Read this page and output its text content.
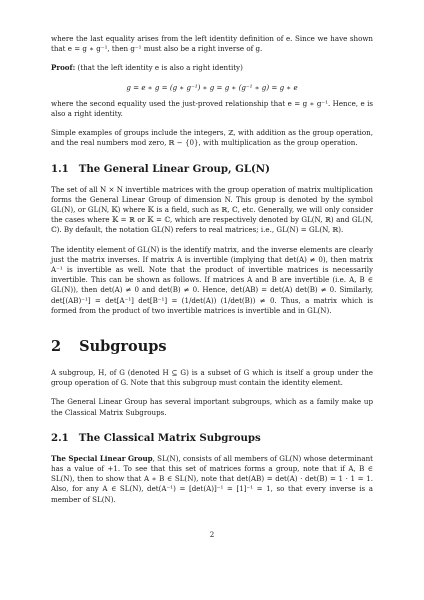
where the last equality arises from the left identity definition of e. Since we have shown that e = g ∗ g⁻¹, then g⁻¹ must also be a right inverse of g.

Proof: (that the left identity e is also a right identity)

g = e ∗ g = (g ∗ g⁻¹) ∗ g = g ∗ (g⁻¹ ∗ g) = g ∗ e

where the second equality used the just-proved relationship that e = g ∗ g⁻¹. Hence, e is also a right identity.

Simple examples of groups include the integers, ℤ, with addition as the group operation, and the real numbers mod zero, ℝ − {0}, with multiplication as the group operation.

1.1 The General Linear Group, GL(N)

The set of all N × N invertible matrices with the group operation of matrix multiplication forms the General Linear Group of dimension N. This group is denoted by the symbol GL(N), or GL(N, 𝕂) where 𝕂 is a field, such as ℝ, ℂ, etc. Generally, we will only consider the cases where 𝕂 = ℝ or 𝕂 = ℂ, which are respectively denoted by GL(N, ℝ) and GL(N, ℂ). By default, the notation GL(N) refers to real matrices; i.e., GL(N) = GL(N, ℝ).

The identity element of GL(N) is the identify matrix, and the inverse elements are clearly just the matrix inverses. If matrix A is invertible (implying that det(A) ≠ 0), then matrix A⁻¹ is invertible as well. Note that the product of invertible matrices is necessarily invertible. This can be shown as follows. If matrices A and B are invertible (i.e. A, B ∈ GL(N)), then det(A) ≠ 0 and det(B) ≠ 0. Hence, det(AB) = det(A) det(B) ≠ 0. Similarly, det[(AB)⁻¹] = det[A⁻¹] det[B⁻¹] = (1/det(A)) (1/det(B)) ≠ 0. Thus, a matrix which is formed from the product of two invertible matrices is invertible and in GL(N).

2 Subgroups

A subgroup, H, of G (denoted H ⊆ G) is a subset of G which is itself a group under the group operation of G. Note that this subgroup must contain the identity element.

The General Linear Group has several important subgroups, which as a family make up the Classical Matrix Subgroups.

2.1 The Classical Matrix Subgroups

The Special Linear Group, SL(N), consists of all members of GL(N) whose determinant has a value of +1. To see that this set of matrices forms a group, note that if A, B ∈ SL(N), then to show that A ∗ B ∈ SL(N), note that det(AB) = det(A) · det(B) = 1 · 1 = 1. Also, for any A ∈ SL(N), det(A⁻¹) = [det(A)]⁻¹ = [1]⁻¹ = 1, so that every inverse is a member of SL(N).

2
